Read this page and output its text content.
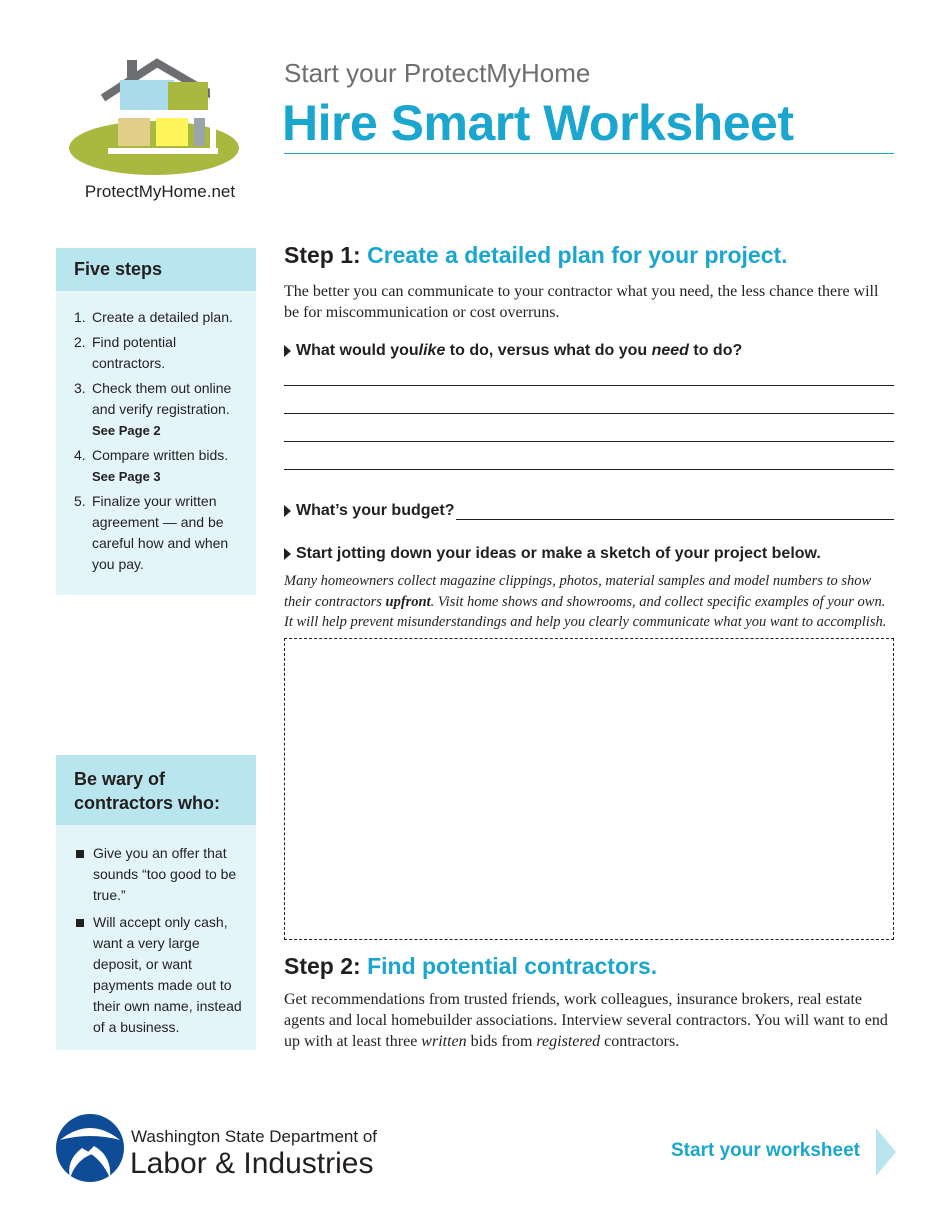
ProtectMyHome.net
Start your ProtectMyHome
Hire Smart Worksheet
Five steps
1. Create a detailed plan.
2. Find potential contractors.
3. Check them out online and verify registration.
See Page 2
4. Compare written bids.
See Page 3
5. Finalize your written agreement — and be careful how and when you pay.
Be wary of contractors who:
Give you an offer that sounds “too good to be true.”
Will accept only cash, want a very large deposit, or want payments made out to their own name, instead of a business.
Step 1: Create a detailed plan for your project.
The better you can communicate to your contractor what you need, the less chance there will be for miscommunication or cost overruns.
What would you like to do, versus what do you need to do?
What’s your budget?
Start jotting down your ideas or make a sketch of your project below.
Many homeowners collect magazine clippings, photos, material samples and model numbers to show their contractors upfront. Visit home shows and showrooms, and collect specific examples of your own. It will help prevent misunderstandings and help you clearly communicate what you want to accomplish.
Step 2: Find potential contractors.
Get recommendations from trusted friends, work colleagues, insurance brokers, real estate agents and local homebuilder associations. Interview several contractors. You will want to end up with at least three written bids from registered contractors.
Washington State Department of
Labor & Industries	Start your worksheet
